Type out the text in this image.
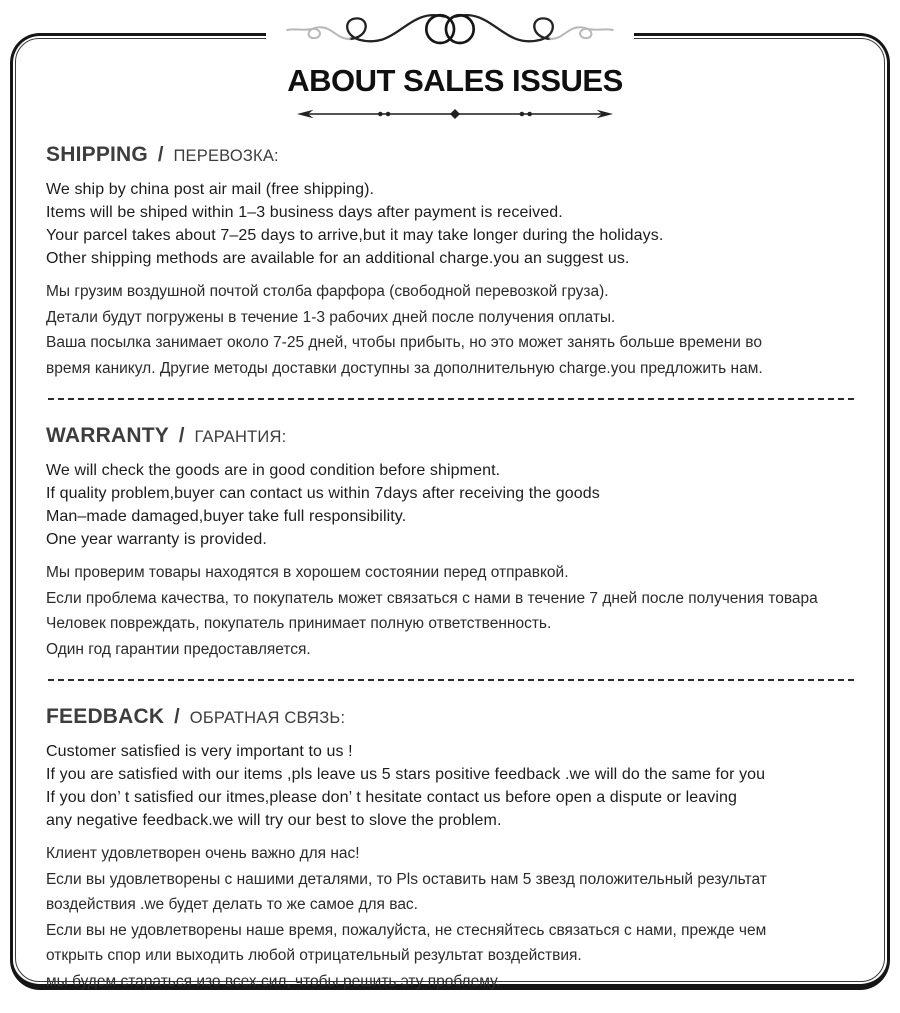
ABOUT SALES ISSUES
SHIPPING / ПЕРЕВОЗКА:

We ship by china post air mail (free shipping).

Items will be shiped within 1–3 business days after payment is received.

Your parcel takes about 7–25 days to arrive,but it may take longer during the holidays.

Other shipping methods are available for an additional charge.you an suggest us.

Мы грузим воздушной почтой столба фарфора (свободной перевозкой груза).

Детали будут погружены в течение 1-3 рабочих дней после получения оплаты.

Ваша посылка занимает около 7-25 дней, чтобы прибыть, но это может занять больше времени во

время каникул. Другие методы доставки доступны за дополнительную charge.you предложить нам.

WARRANTY / ГАРАНТИЯ:

We will check the goods are in good condition before shipment.

If quality problem,buyer can contact us within 7days after receiving the goods

Man–made damaged,buyer take full responsibility.

One year warranty is provided.

Мы проверим товары находятся в хорошем состоянии перед отправкой.

Если проблема качества, то покупатель может связаться с нами в течение 7 дней после получения товара

Человек повреждать, покупатель принимает полную ответственность.

Один год гарантии предоставляется.

FEEDBACK / ОБРАТНАЯ СВЯЗЬ:

Customer satisfied is very important to us !

If you are satisfied with our items ,pls leave us 5 stars positive feedback .we will do the same for you

If you don’ t satisfied our itmes,please don’ t hesitate contact us before open a dispute or leaving

any negative feedback.we will try our best to slove the problem.

Клиент удовлетворен очень важно для нас!

Если вы удовлетворены с нашими деталями, то Pls оставить нам 5 звезд положительный результат

воздействия .we будет делать то же самое для вас.

Если вы не удовлетворены наше время, пожалуйста, не стесняйтесь связаться с нами, прежде чем

открыть спор или выходить любой отрицательный результат воздействия.

мы будем стараться изо всех сил, чтобы решить эту проблему.
